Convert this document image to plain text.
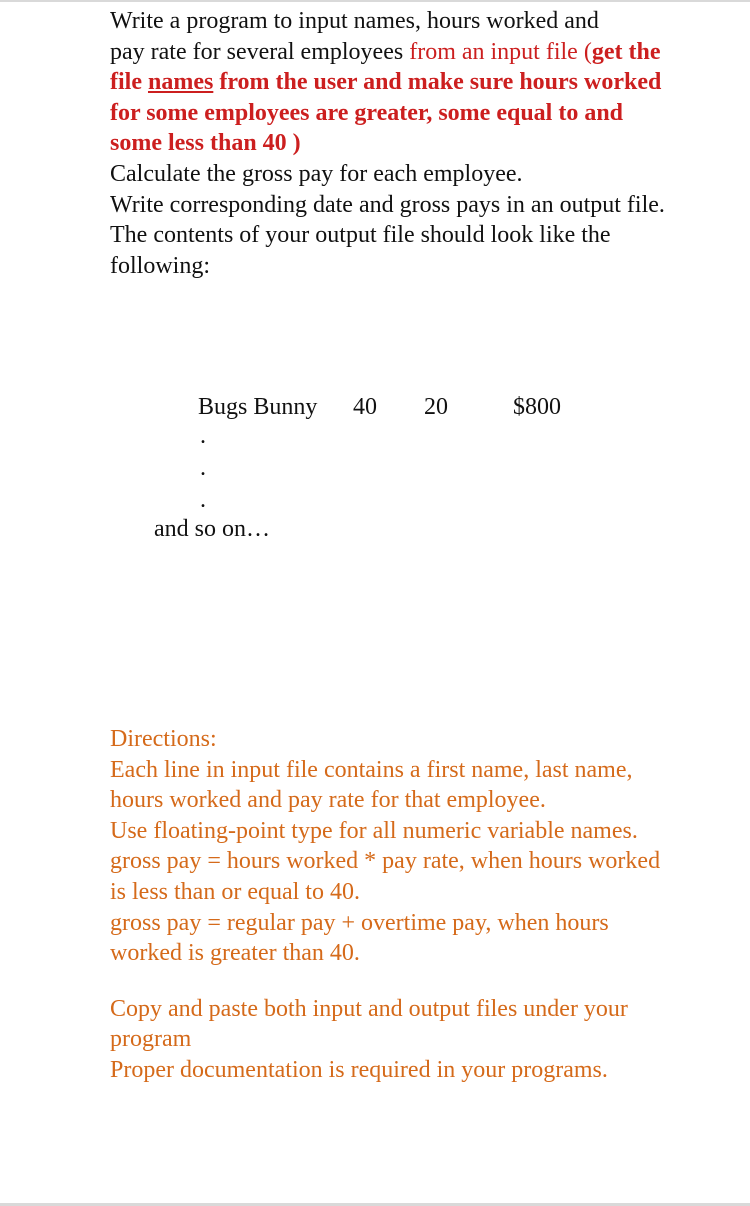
Write a program to input names, hours worked and

pay rate for several employees from an input file (get the file names from the user and make sure hours worked for some employees are greater, some equal to and some less than 40 )

Calculate the gross pay for each employee.

Write corresponding date and gross pays in an output file.

The contents of your output file should look like the following:

Bugs Bunny 40 20	$800
.
.
.
and so on…

Directions:

Each line in input file contains a first name, last name, hours worked and pay rate for that employee.

Use floating-point type for all numeric variable names.

gross pay = hours worked * pay rate, when hours worked is less than or equal to 40.

gross pay = regular pay + overtime pay, when hours worked is greater than 40.

Copy and paste both input and output files under your program

Proper documentation is required in your programs.
